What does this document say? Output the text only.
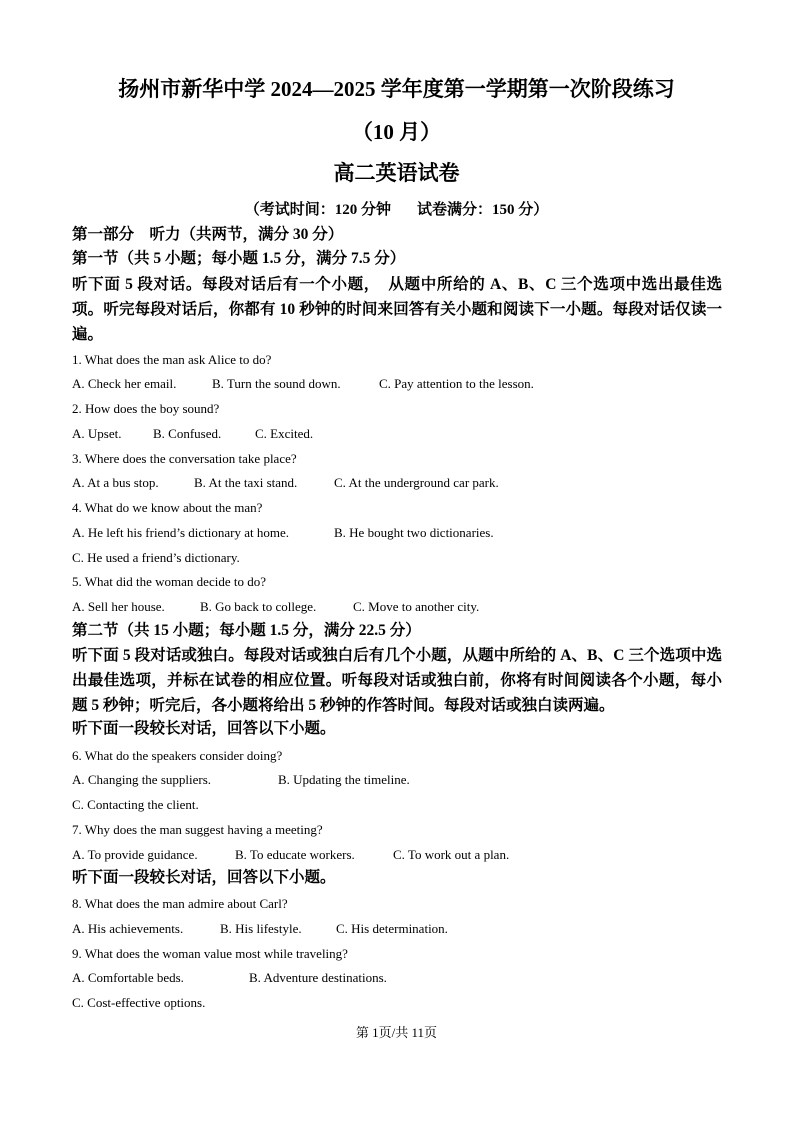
扬州市新华中学 2024—2025 学年度第一学期第一次阶段练习
（10 月）
高二英语试卷
（考试时间：120 分钟 试卷满分：150 分）
第一部分　听力（共两节，满分 30 分）
第一节（共 5 小题；每小题 1.5 分，满分 7.5 分）
听下面 5 段对话。每段对话后有一个小题，　从题中所给的 A、B、C 三个选项中选出最佳选项。听完每段对话后，你都有 10 秒钟的时间来回答有关小题和阅读下一小题。每段对话仅读一遍。
1. What does the man ask Alice to do?
A. Check her email.	B. Turn the sound down.	C. Pay attention to the lesson.
2. How does the boy sound?
A. Upset. B. Confused.	C. Excited.
3. Where does the conversation take place?
A. At a bus stop.	B. At the taxi stand.	C. At the underground car park.
4. What do we know about the man?
A. He left his friend’s dictionary at home.	B. He bought two dictionaries.
C. He used a friend’s dictionary.
5. What did the woman decide to do?
A. Sell her house.	B. Go back to college.	C. Move to another city.
第二节（共 15 小题；每小题 1.5 分，满分 22.5 分）
听下面 5 段对话或独白。每段对话或独白后有几个小题，从题中所给的 A、B、C 三个选项中选出最佳选项，并标在试卷的相应位置。听每段对话或独白前，你将有时间阅读各个小题，每小题 5 秒钟；听完后，各小题将给出 5 秒钟的作答时间。每段对话或独白读两遍。
听下面一段较长对话，回答以下小题。
6. What do the speakers consider doing?
A. Changing the suppliers.	B. Updating the timeline.
C. Contacting the client.
7. Why does the man suggest having a meeting?
A. To provide guidance.	B. To educate workers.	C. To work out a plan.
听下面一段较长对话，回答以下小题。
8. What does the man admire about Carl?
A. His achievements.	B. His lifestyle.	C. His determination.
9. What does the woman value most while traveling?
A. Comfortable beds.	B. Adventure destinations.
C. Cost-effective options.
第 1页/共 11页
